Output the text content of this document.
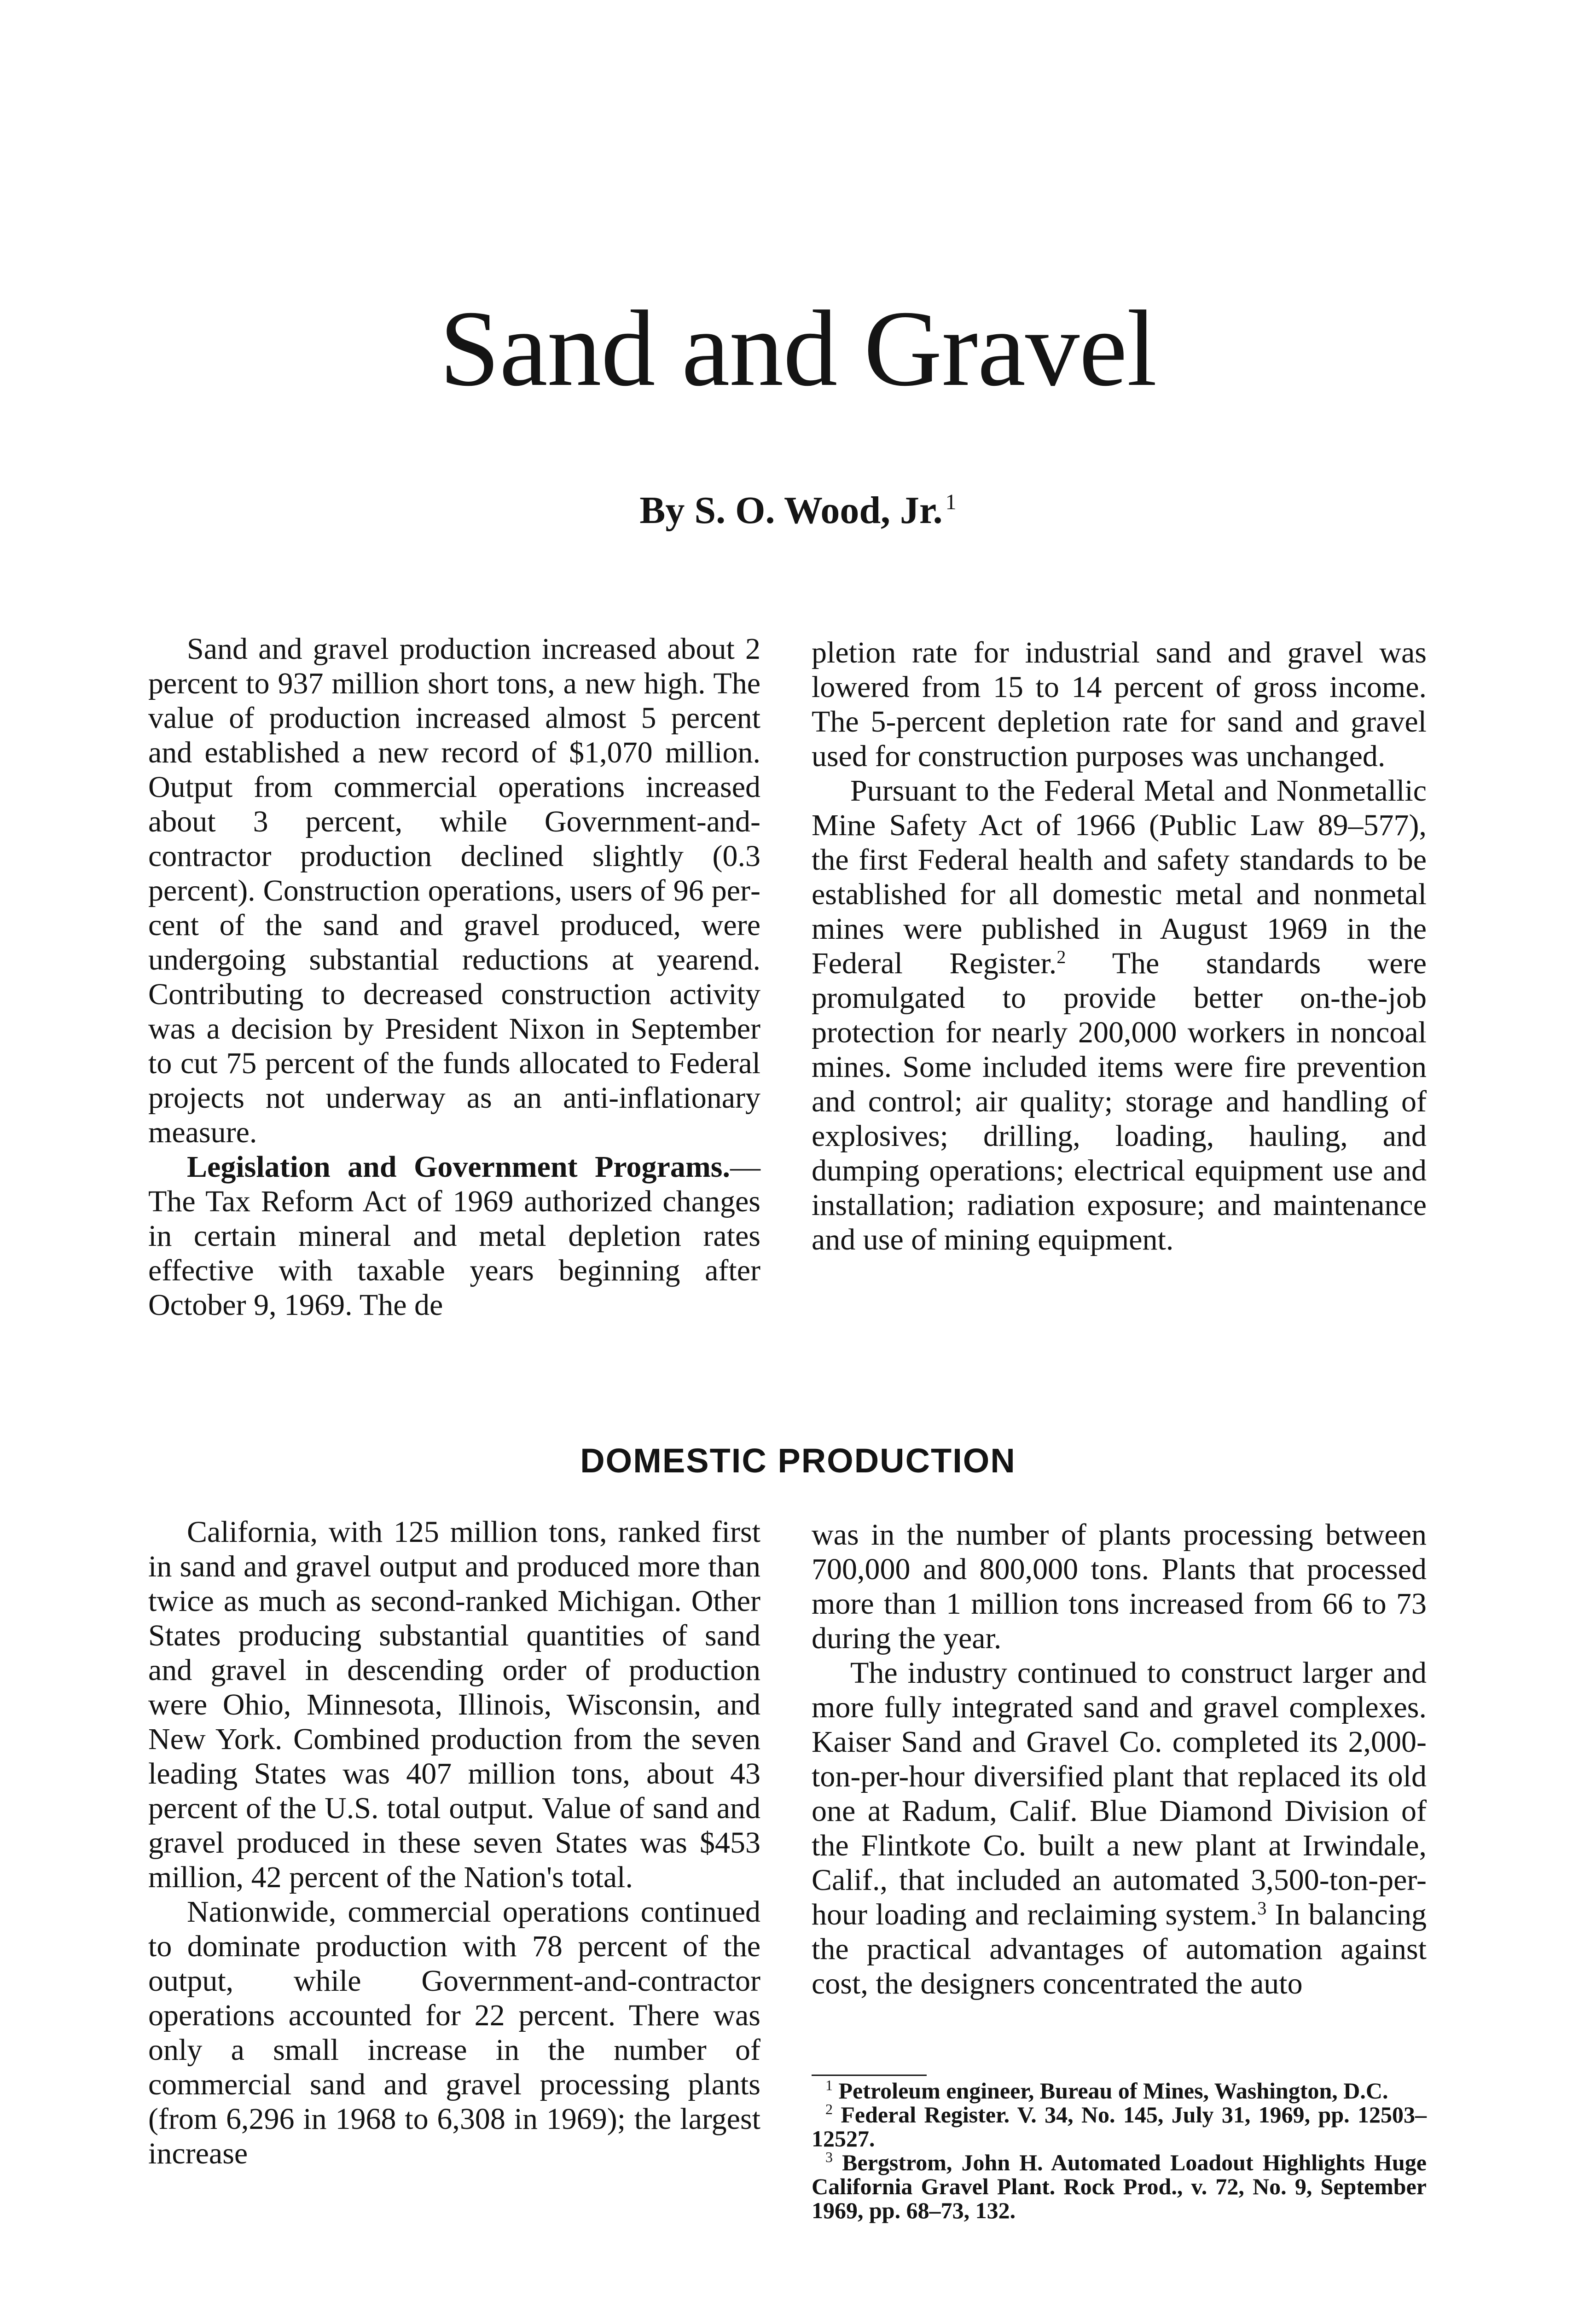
Sand and Gravel

By S. O. Wood, Jr. $^1$

Sand and gravel production increased about 2 percent to 937 million short tons, a new high. The value of production increased almost 5 percent and established a new record of $1,070 million. Output from commercial operations increased about 3 percent, while Government-and-contractor production declined slightly (0.3 percent). Construction operations, users of 96 percent of the sand and gravel produced, were undergoing substantial reductions at yearend. Contributing to decreased construction activity was a decision by President Nixon in September to cut 75 percent of the funds allocated to Federal projects not underway as an anti-inflationary measure.

Legislation and Government Programs.—The Tax Reform Act of 1969 authorized changes in certain mineral and metal depletion rates effective with taxable years beginning after October 9, 1969. The de

pletion rate for industrial sand and gravel was lowered from 15 to 14 percent of gross income. The 5-percent depletion rate for sand and gravel used for construction purposes was unchanged.

Pursuant to the Federal Metal and Nonmetallic Mine Safety Act of 1966 (Public Law 89–577), the first Federal health and safety standards to be established for all domestic metal and nonmetal mines were published in August 1969 in the Federal Register.$^2$ The standards were promulgated to provide better on-the-job protection for nearly 200,000 workers in noncoal mines. Some included items were fire prevention and control; air quality; storage and handling of explosives; drilling, loading, hauling, and dumping operations; electrical equipment use and installation; radiation exposure; and maintenance and use of mining equipment.

DOMESTIC PRODUCTION

California, with 125 million tons, ranked first in sand and gravel output and produced more than twice as much as second-ranked Michigan. Other States producing substantial quantities of sand and gravel in descending order of production were Ohio, Minnesota, Illinois, Wisconsin, and New York. Combined production from the seven leading States was 407 million tons, about 43 percent of the U.S. total output. Value of sand and gravel produced in these seven States was $453 million, 42 percent of the Nation's total.

Nationwide, commercial operations continued to dominate production with 78 percent of the output, while Government-and-contractor operations accounted for 22 percent. There was only a small increase in the number of commercial sand and gravel processing plants (from 6,296 in 1968 to 6,308 in 1969); the largest increase

was in the number of plants processing between 700,000 and 800,000 tons. Plants that processed more than 1 million tons increased from 66 to 73 during the year.

The industry continued to construct larger and more fully integrated sand and gravel complexes. Kaiser Sand and Gravel Co. completed its 2,000-ton-per-hour diversified plant that replaced its old one at Radum, Calif. Blue Diamond Division of the Flintkote Co. built a new plant at Irwindale, Calif., that included an automated 3,500-ton-per-hour loading and reclaiming system.$^3$ In balancing the practical advantages of automation against cost, the designers concentrated the auto

$^1$ Petroleum engineer, Bureau of Mines, Washington, D.C.

$^2$ Federal Register. V. 34, No. 145, July 31, 1969, pp. 12503–12527.

$^3$ Bergstrom, John H. Automated Loadout Highlights Huge California Gravel Plant. Rock Prod., v. 72, No. 9, September 1969, pp. 68–73, 132.
